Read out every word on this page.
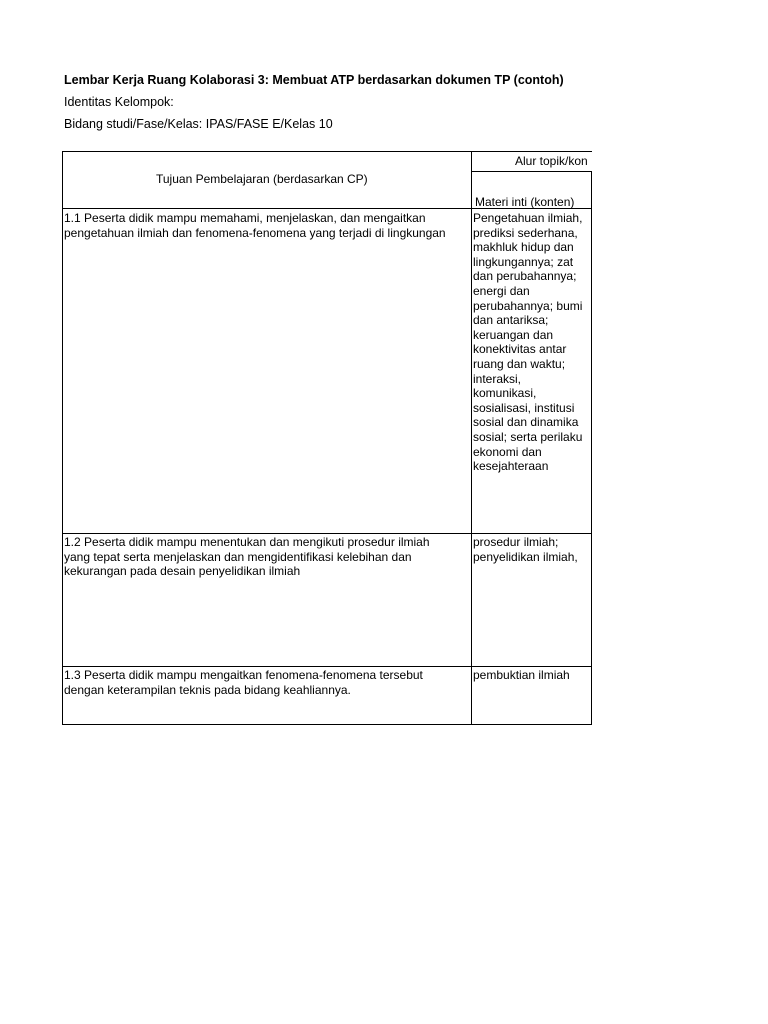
Lembar Kerja Ruang Kolaborasi 3: Membuat ATP berdasarkan dokumen TP (contoh)
Identitas Kelompok:
Bidang studi/Fase/Kelas: IPAS/FASE E/Kelas 10
Tujuan Pembelajaran (berdasarkan CP)
Alur topik/kon
Materi inti (konten)
1.1 Peserta didik mampu memahami, menjelaskan, dan mengaitkan
pengetahuan ilmiah dan fenomena-fenomena yang terjadi di lingkungan
Pengetahuan ilmiah,
prediksi sederhana,
makhluk hidup dan
lingkungannya; zat
dan perubahannya;
energi dan
perubahannya; bumi
dan antariksa;
keruangan dan
konektivitas antar
ruang dan waktu;
interaksi,
komunikasi,
sosialisasi, institusi
sosial dan dinamika
sosial; serta perilaku
ekonomi dan
kesejahteraan
1.2 Peserta didik mampu menentukan dan mengikuti prosedur ilmiah
yang tepat serta menjelaskan dan mengidentifikasi kelebihan dan
kekurangan pada desain penyelidikan ilmiah
prosedur ilmiah;
penyelidikan ilmiah,
1.3 Peserta didik mampu mengaitkan fenomena-fenomena tersebut
dengan keterampilan teknis pada bidang keahliannya.
pembuktian ilmiah
